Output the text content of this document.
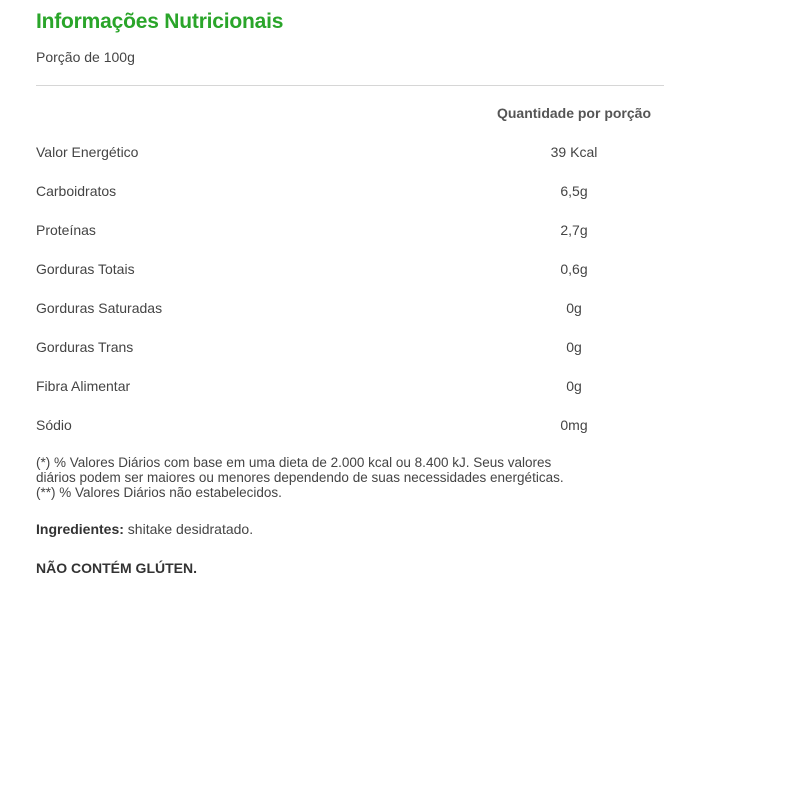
Informações Nutricionais
Porção de 100g
Quantidade por porção
Valor Energético	39 Kcal
Carboidratos	6,5g
Proteínas	2,7g
Gorduras Totais	0,6g
Gorduras Saturadas	0g
Gorduras Trans	0g
Fibra Alimentar	0g
Sódio	0mg
(*) % Valores Diários com base em uma dieta de 2.000 kcal ou 8.400 kJ. Seus valores
diários podem ser maiores ou menores dependendo de suas necessidades energéticas.
(**) % Valores Diários não estabelecidos.
Ingredientes: shitake desidratado.
NÃO CONTÉM GLÚTEN.
